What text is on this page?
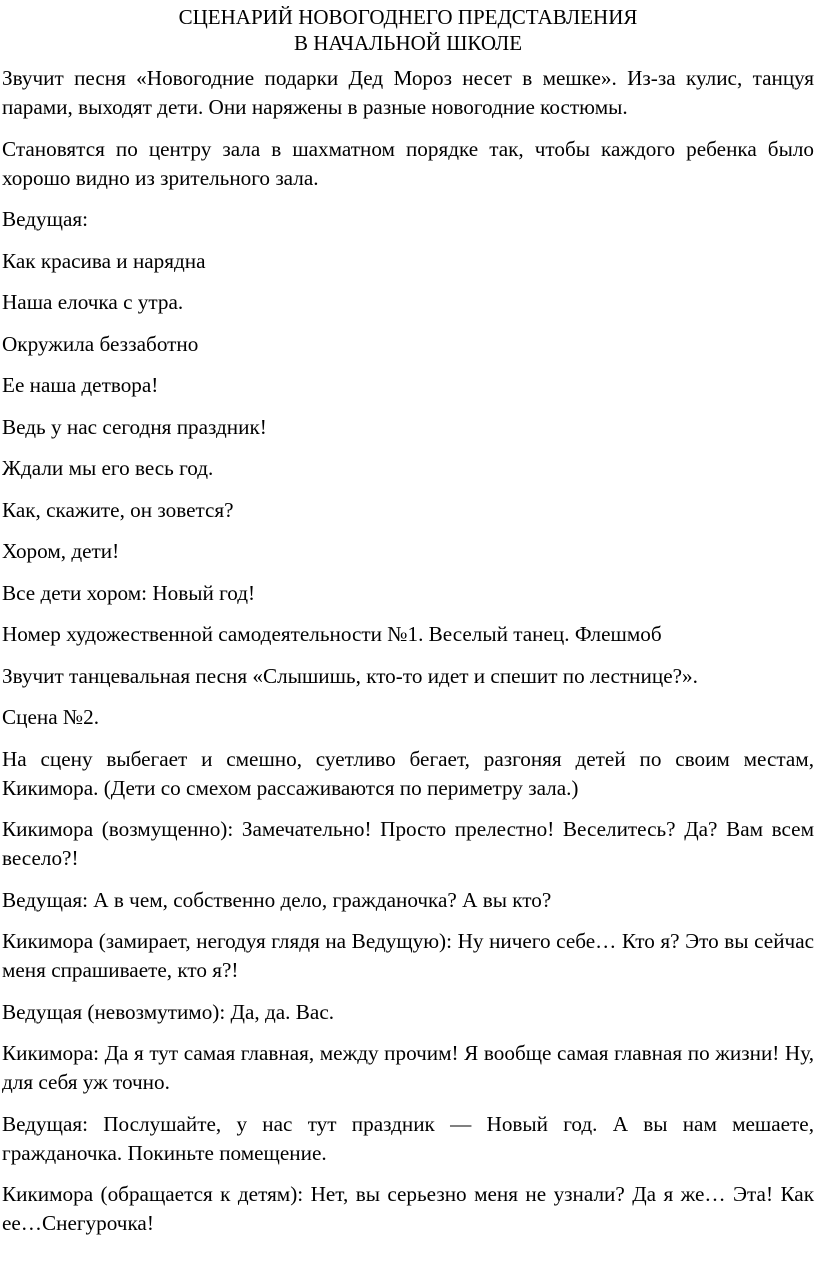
СЦЕНАРИЙ НОВОГОДНЕГО ПРЕДСТАВЛЕНИЯ
В НАЧАЛЬНОЙ ШКОЛЕ

Звучит песня «Новогодние подарки Дед Мороз несет в мешке». Из-за кулис, танцуя парами, выходят дети. Они наряжены в разные новогодние костюмы.

Становятся по центру зала в шахматном порядке так, чтобы каждого ребенка было хорошо видно из зрительного зала.

Ведущая:

Как красива и нарядна

Наша елочка с утра.

Окружила беззаботно

Ее наша детвора!

Ведь у нас сегодня праздник!

Ждали мы его весь год.

Как, скажите, он зовется?

Хором, дети!

Все дети хором: Новый год!

Номер художественной самодеятельности №1. Веселый танец. Флешмоб

Звучит танцевальная песня «Слышишь, кто-то идет и спешит по лестнице?».

Сцена №2.

На сцену выбегает и смешно, суетливо бегает, разгоняя детей по своим местам, Кикимора. (Дети со смехом рассаживаются по периметру зала.)

Кикимора (возмущенно): Замечательно! Просто прелестно! Веселитесь? Да? Вам всем весело?!

Ведущая: А в чем, собственно дело, гражданочка? А вы кто?

Кикимора (замирает, негодуя глядя на Ведущую): Ну ничего себе… Кто я? Это вы сейчас меня спрашиваете, кто я?!

Ведущая (невозмутимо): Да, да. Вас.

Кикимора: Да я тут самая главная, между прочим! Я вообще самая главная по жизни! Ну, для себя уж точно.

Ведущая: Послушайте, у нас тут праздник — Новый год. А вы нам мешаете, гражданочка. Покиньте помещение.

Кикимора (обращается к детям): Нет, вы серьезно меня не узнали? Да я же… Эта! Как ее…Снегурочка!
